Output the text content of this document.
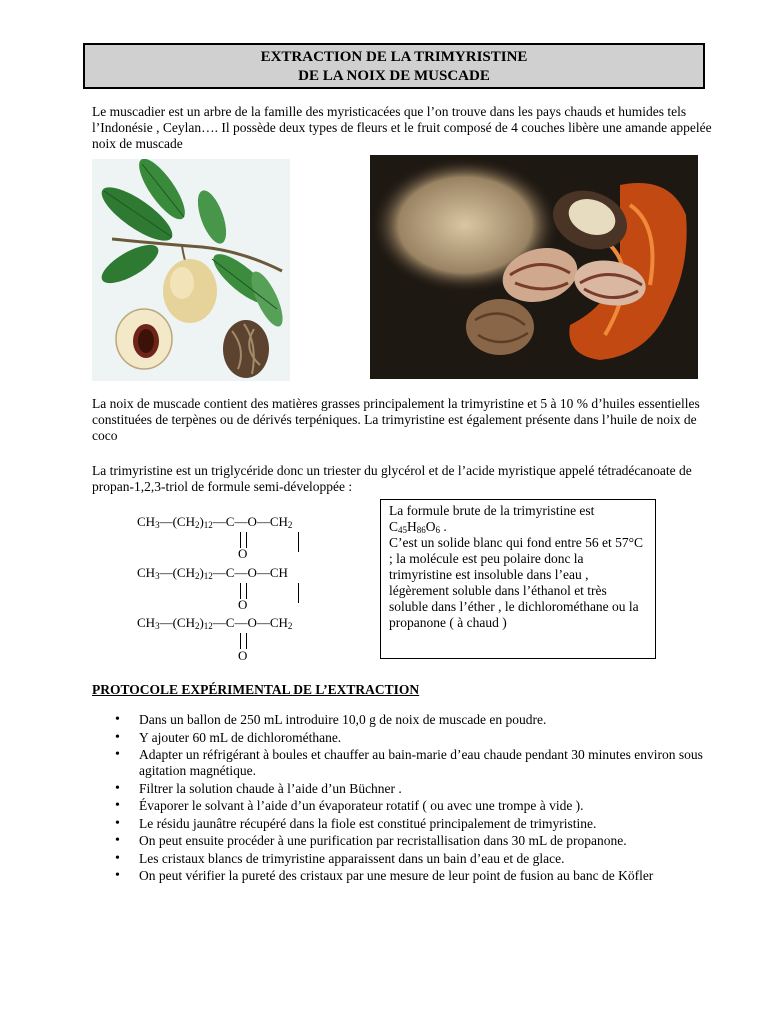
EXTRACTION DE LA TRIMYRISTINE
DE LA NOIX DE MUSCADE
Le muscadier est un arbre de la famille des myristicacées que l’on trouve dans les pays chauds et humides tels l’Indonésie , Ceylan…. Il possède deux types de fleurs et le fruit composé de 4 couches libère une amande appelée noix de muscade
La noix de muscade contient des matières grasses principalement la trimyristine et 5 à 10 % d’huiles essentielles constituées de terpènes ou de dérivés terpéniques. La trimyristine est également présente dans l’huile de noix de coco
La trimyristine est un triglycéride donc un triester du glycérol et de l’acide myristique appelé tétradécanoate de propan-1,2,3-triol de formule semi-développée :
$CH_3—(CH_2)_{12}—C—O—CH_2$
O
$CH_3—(CH_2)_{12}—C—O—CH$
O
$CH_3—(CH_2)_{12}—C—O—CH_2$
O
La formule brute de la trimyristine est
$C_{45}H_{86}O_6$ .
C’est un solide blanc qui fond entre 56 et 57°C ; la molécule est peu polaire donc la trimyristine est insoluble dans l’eau , légèrement soluble dans l’éthanol et très soluble dans l’éther , le dichlorométhane ou la propanone ( à chaud )
PROTOCOLE EXPÉRIMENTAL DE L’EXTRACTION
• Dans un ballon de 250 mL introduire 10,0 g de noix de muscade en poudre.
• Y ajouter 60 mL de dichlorométhane.
• Adapter un réfrigérant à boules et chauffer au bain-marie d’eau chaude pendant 30 minutes environ sous agitation magnétique.
• Filtrer la solution chaude à l’aide d’un Büchner .
• Évaporer le solvant à l’aide d’un évaporateur rotatif ( ou avec une trompe à vide ).
• Le résidu jaunâtre récupéré dans la fiole est constitué principalement de trimyristine.
• On peut ensuite procéder à une purification par recristallisation dans 30 mL de propanone.
• Les cristaux blancs de trimyristine apparaissent dans un bain d’eau et de glace.
• On peut vérifier la pureté des cristaux par une mesure de leur point de fusion au banc de Köfler
